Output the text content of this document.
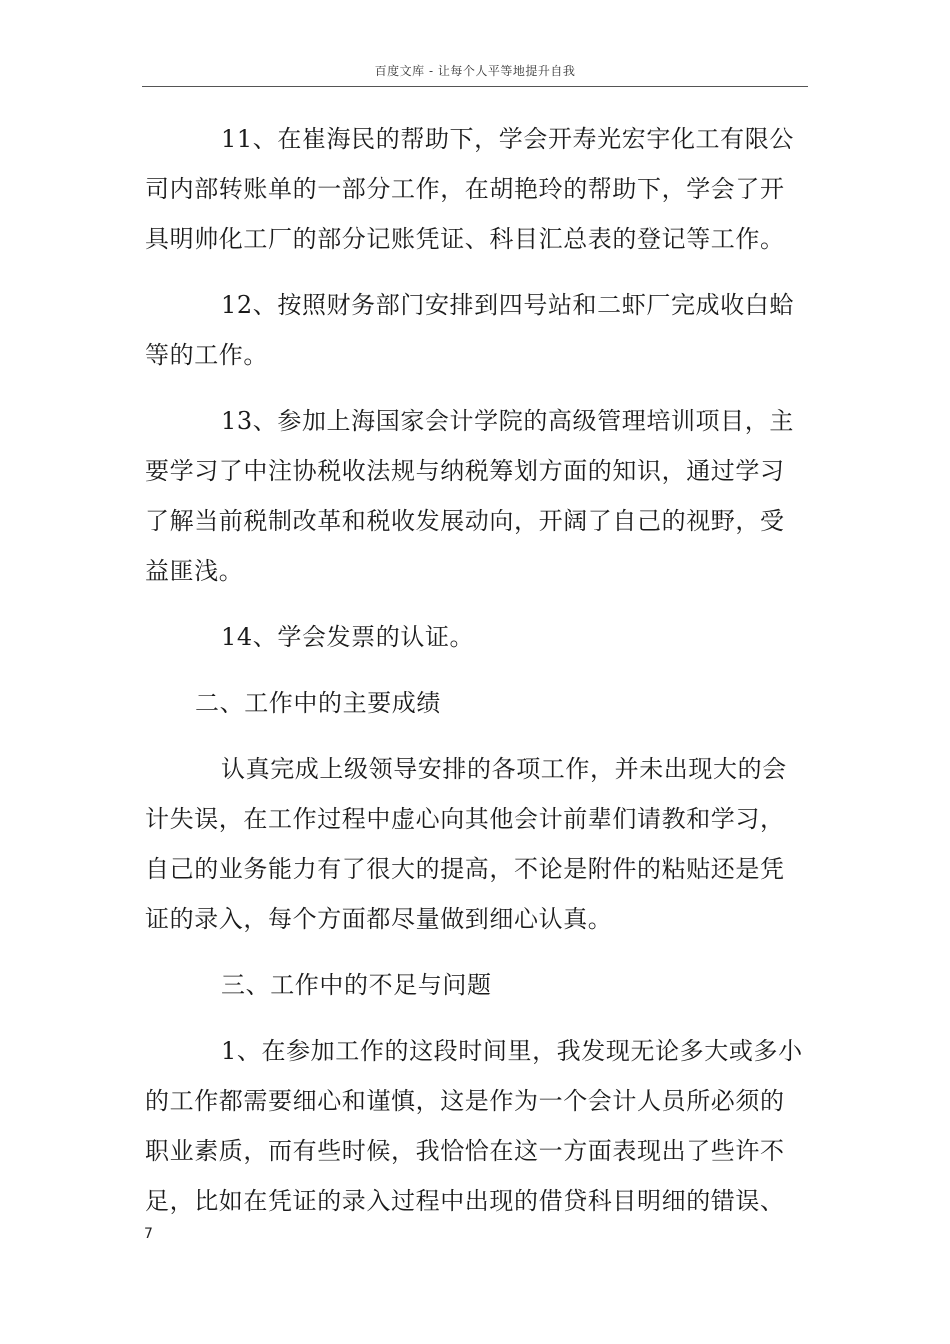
百度文库 - 让每个人平等地提升自我

11、在崔海民的帮助下，学会开寿光宏宇化工有限公司内部转账单的一部分工作，在胡艳玲的帮助下，学会了开具明帅化工厂的部分记账凭证、科目汇总表的登记等工作。

12、按照财务部门安排到四号站和二虾厂完成收白蛤等的工作。

13、参加上海国家会计学院的高级管理培训项目，主要学习了中注协税收法规与纳税筹划方面的知识，通过学习了解当前税制改革和税收发展动向，开阔了自己的视野，受益匪浅。

14、学会发票的认证。

二、工作中的主要成绩

认真完成上级领导安排的各项工作，并未出现大的会计失误，在工作过程中虚心向其他会计前辈们请教和学习，自己的业务能力有了很大的提高，不论是附件的粘贴还是凭证的录入，每个方面都尽量做到细心认真。

三、工作中的不足与问题

1、在参加工作的这段时间里，我发现无论多大或多小的工作都需要细心和谨慎，这是作为一个会计人员所必须的职业素质，而有些时候，我恰恰在这一方面表现出了些许不足，比如在凭证的录入过程中出现的借贷科目明细的错误、

7
